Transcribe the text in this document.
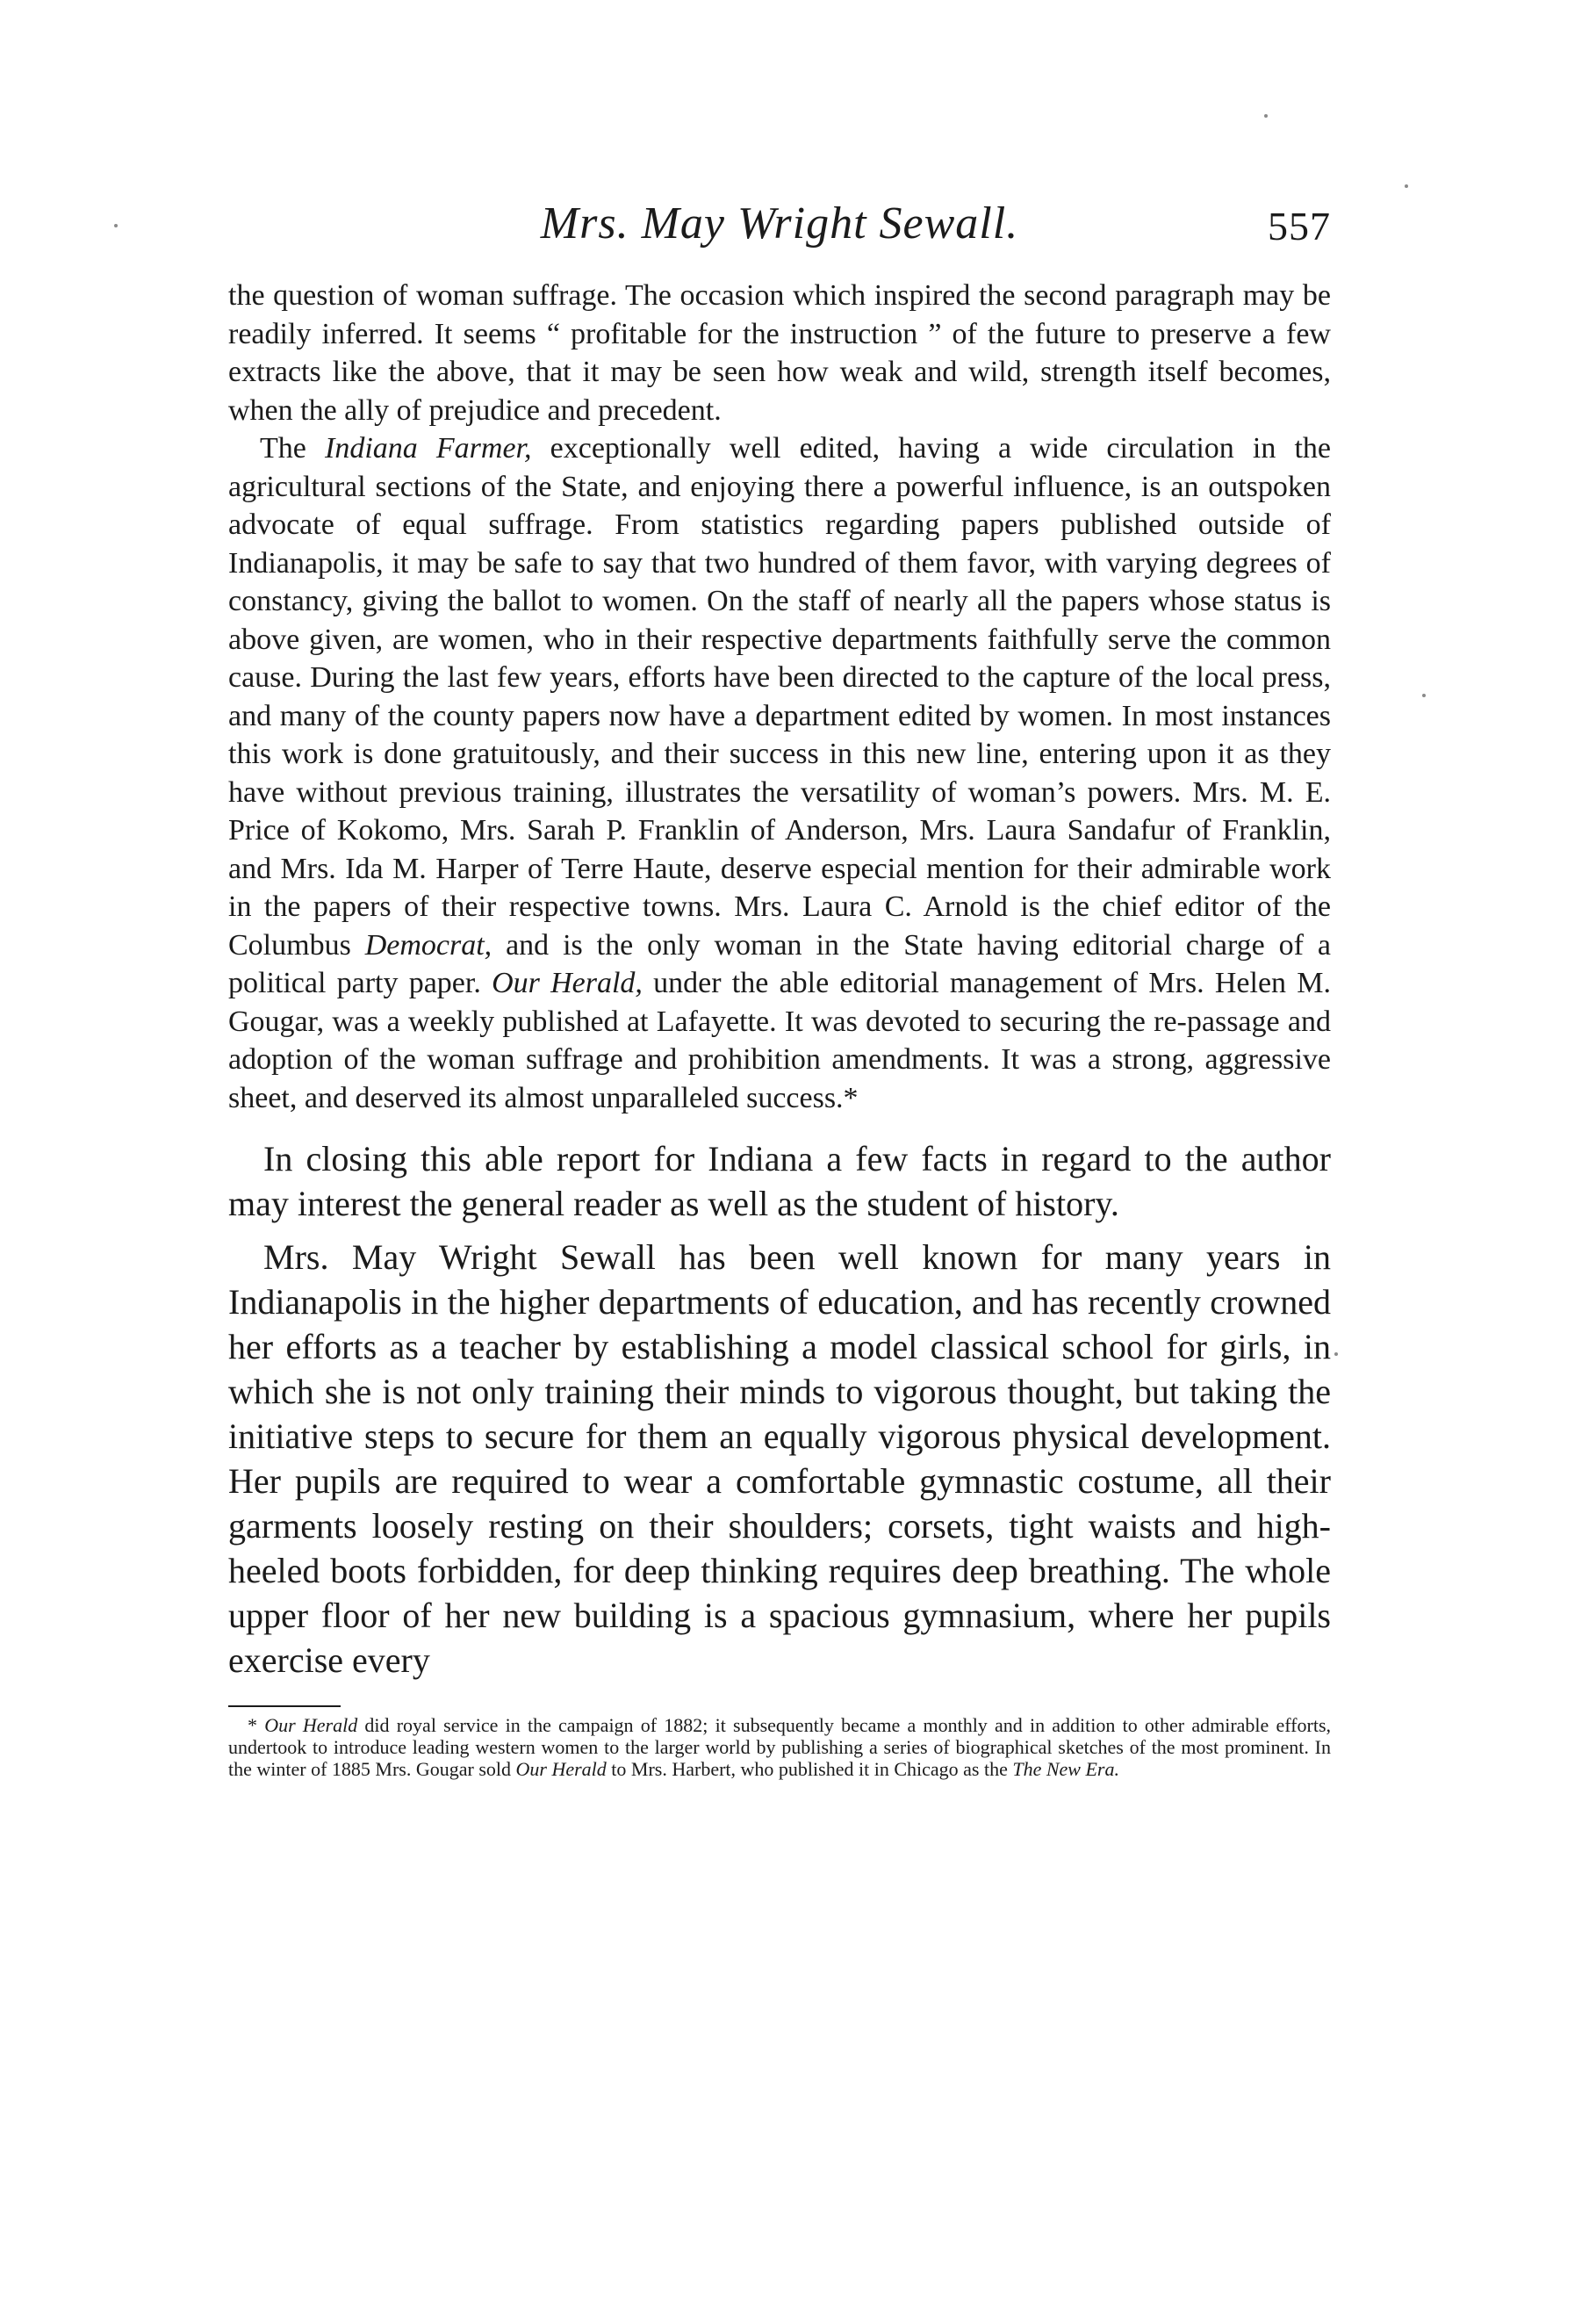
Mrs. May Wright Sewall.	557

the question of woman suffrage. The occasion which inspired the second paragraph may be readily inferred. It seems “ profitable for the instruction ” of the future to preserve a few extracts like the above, that it may be seen how weak and wild, strength itself becomes, when the ally of prejudice and precedent.

The Indiana Farmer, exceptionally well edited, having a wide circulation in the agricultural sections of the State, and enjoying there a powerful influence, is an outspoken advocate of equal suffrage. From statistics regarding papers published outside of Indianapolis, it may be safe to say that two hundred of them favor, with varying degrees of constancy, giving the ballot to women. On the staff of nearly all the papers whose status is above given, are women, who in their respective departments faithfully serve the common cause. During the last few years, efforts have been directed to the capture of the local press, and many of the county papers now have a department edited by women. In most instances this work is done gratuitously, and their success in this new line, entering upon it as they have without previous training, illustrates the versatility of woman’s powers. Mrs. M. E. Price of Kokomo, Mrs. Sarah P. Franklin of Anderson, Mrs. Laura Sandafur of Franklin, and Mrs. Ida M. Harper of Terre Haute, deserve especial mention for their admirable work in the papers of their respective towns. Mrs. Laura C. Arnold is the chief editor of the Columbus Democrat, and is the only woman in the State having editorial charge of a political party paper. Our Herald, under the able editorial management of Mrs. Helen M. Gougar, was a weekly published at Lafayette. It was devoted to securing the re-passage and adoption of the woman suffrage and prohibition amendments. It was a strong, aggressive sheet, and deserved its almost unparalleled success.*

In closing this able report for Indiana a few facts in regard to the author may interest the general reader as well as the student of history.

Mrs. May Wright Sewall has been well known for many years in Indianapolis in the higher departments of education, and has recently crowned her efforts as a teacher by establishing a model classical school for girls, in which she is not only training their minds to vigorous thought, but taking the initiative steps to secure for them an equally vigorous physical development. Her pupils are required to wear a comfortable gymnastic costume, all their garments loosely resting on their shoulders; corsets, tight waists and high-heeled boots forbidden, for deep thinking requires deep breathing. The whole upper floor of her new building is a spacious gymnasium, where her pupils exercise every

* Our Herald did royal service in the campaign of 1882; it subsequently became a monthly and in addition to other admirable efforts, undertook to introduce leading western women to the larger world by publishing a series of biographical sketches of the most prominent. In the winter of 1885 Mrs. Gougar sold Our Herald to Mrs. Harbert, who published it in Chicago as the The New Era.
